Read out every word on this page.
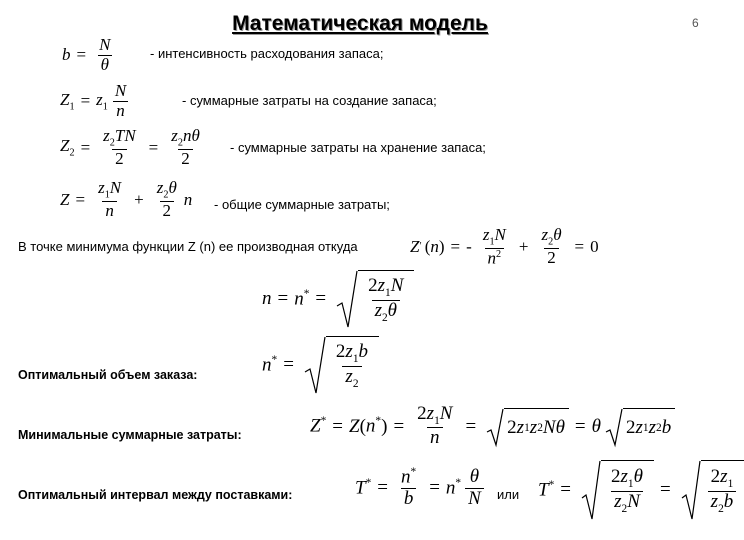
Математическая модель	6
$b = \frac{N}{\theta}$	- интенсивность расходования запаса;
$Z_1 = z_1 \frac{N}{n}$	- суммарные затраты на создание запаса;
$Z_2 = \frac{z_2TN}{2} = \frac{z_2n\theta}{2}$ - суммарные затраты на хранение запаса;
$Z = \frac{z_1N}{n} + \frac{z_2\theta}{2}$ n - общие суммарные затраты;
В точке минимума функции Z (n) ее производная откуда	Z ′ ( n ) = - $\frac{z_1N}{n^2} + \frac{z_2\theta}{2} = 0$
$n = n^* = \frac{2z_1N}{z_2\theta}$
Оптимальный объем заказа:	$n^* = \frac{2z_1b}{z_2}$
Минимальные суммарные затраты:	Z* = Z ( n* ) = $\frac{2z_1N}{n} = 2$ z 1 z 2 Nθ = θ 2 z 1 z 2 b
Оптимальный интервал между поставками:	$T^* = \frac{n^*}{b} = n^* \frac{\theta}{N}$ или $T^* = \frac{2z_1\theta}{z_2N} = \frac{2z_1}{z_2b}$
